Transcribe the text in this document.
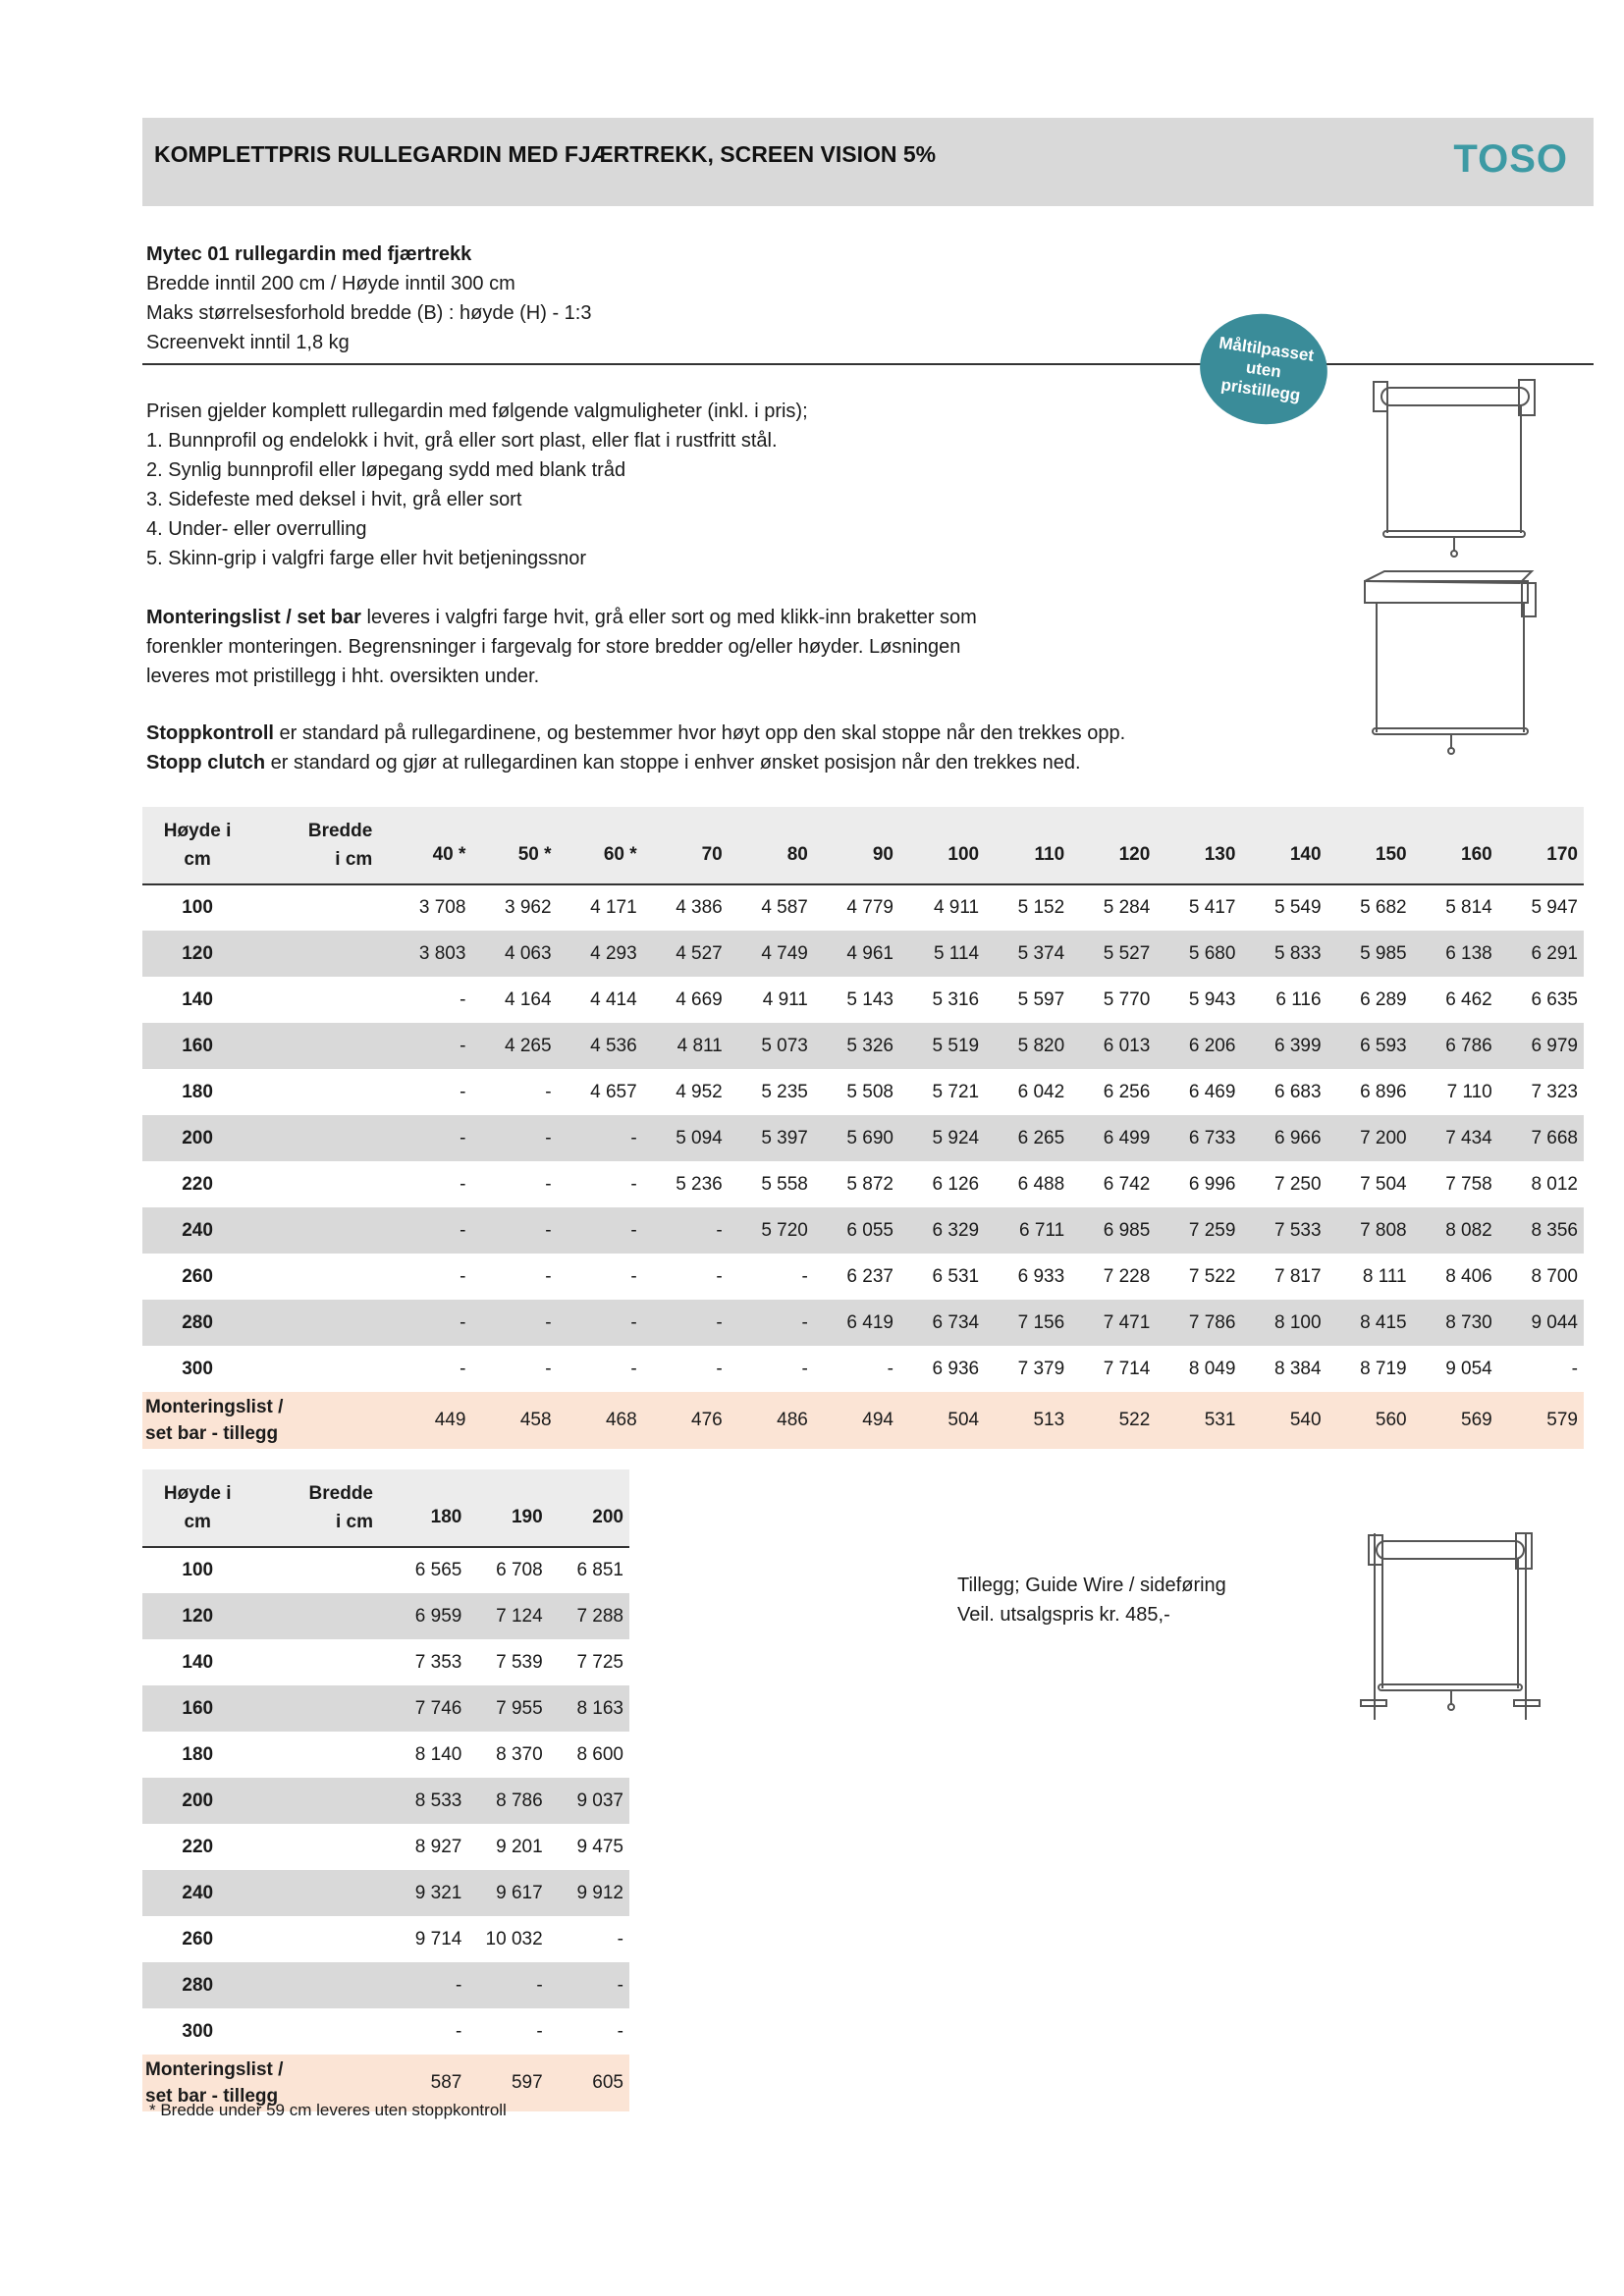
KOMPLETTPRIS RULLEGARDIN MED FJÆRTREKK, SCREEN VISION 5%	TOSO
Mytec 01 rullegardin med fjærtrekk
Bredde inntil 200 cm / Høyde inntil 300 cm
Maks størrelsesforhold bredde (B) : høyde (H) - 1:3
Screenvekt inntil 1,8 kg	Måltilpasset uten pristillegg
Prisen gjelder komplett rullegardin med følgende valgmuligheter (inkl. i pris);
1. Bunnprofil og endelokk i hvit, grå eller sort plast, eller flat i rustfritt stål.
2. Synlig bunnprofil eller løpegang sydd med blank tråd
3. Sidefeste med deksel i hvit, grå eller sort
4. Under- eller overrulling
5. Skinn-grip i valgfri farge eller hvit betjeningssnor
Monteringslist / set bar leveres i valgfri farge hvit, grå eller sort og med klikk-inn braketter som forenkler monteringen. Begrensninger i fargevalg for store bredder og/eller høyder. Løsningen leveres mot pristillegg i hht. oversikten under.
Stoppkontroll er standard på rullegardinene, og bestemmer hvor høyt opp den skal stoppe når den trekkes opp.
Stopp clutch er standard og gjør at rullegardinen kan stoppe i enhver ønsket posisjon når den trekkes ned.
Tillegg; Guide Wire / sideføring
Veil. utsalgspris kr. 485,-
Høyde i
cm	Bredde
i cm	40 *	50 *	60 *	70	80	90	100	110	120	130	140	150	160	170
100		3 708	3 962	4 171	4 386	4 587	4 779	4 911	5 152	5 284	5 417	5 549	5 682	5 814	5 947
120		3 803	4 063	4 293	4 527	4 749	4 961	5 114	5 374	5 527	5 680	5 833	5 985	6 138	6 291
140		-	4 164	4 414	4 669	4 911	5 143	5 316	5 597	5 770	5 943	6 116	6 289	6 462	6 635
160		-	4 265	4 536	4 811	5 073	5 326	5 519	5 820	6 013	6 206	6 399	6 593	6 786	6 979
180		-	-	4 657	4 952	5 235	5 508	5 721	6 042	6 256	6 469	6 683	6 896	7 110	7 323
200		-	-	-	5 094	5 397	5 690	5 924	6 265	6 499	6 733	6 966	7 200	7 434	7 668
220		-	-	-	5 236	5 558	5 872	6 126	6 488	6 742	6 996	7 250	7 504	7 758	8 012
240		-	-	-	-	5 720	6 055	6 329	6 711	6 985	7 259	7 533	7 808	8 082	8 356
260		-	-	-	-	-	6 237	6 531	6 933	7 228	7 522	7 817	8 111	8 406	8 700
280		-	-	-	-	-	6 419	6 734	7 156	7 471	7 786	8 100	8 415	8 730	9 044
300		-	-	-	-	-	-	6 936	7 379	7 714	8 049	8 384	8 719	9 054	-
Monteringslist /
set bar - tillegg		449	458	468	476	486	494	504	513	522	531	540	560	569	579
Høyde i
cm	Bredde
i cm	180	190	200
100		6 565	6 708	6 851
120		6 959	7 124	7 288
140		7 353	7 539	7 725
160		7 746	7 955	8 163
180		8 140	8 370	8 600
200		8 533	8 786	9 037
220		8 927	9 201	9 475
240		9 321	9 617	9 912
260		9 714	10 032	-
280		-	-	-
300		-	-	-
Monteringslist /
set bar - tillegg		587	597	605
* Bredde under 59 cm leveres uten stoppkontroll
